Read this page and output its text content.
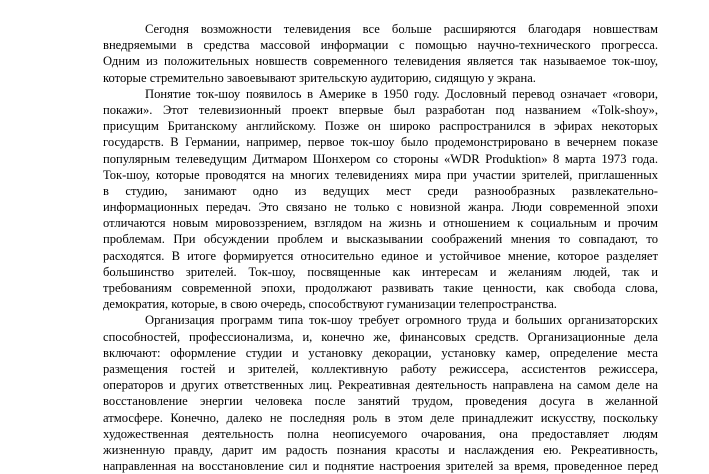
Сегодня возможности телевидения все больше расширяются благодаря новшествам
внедряемыми в средства массовой информации с помощью научно-технического прогресса.
Одним из положительных новшеств современного телевидения является так называемое ток-шоу,
которые стремительно завоевывают зрительскую аудиторию, сидящую у экрана.
Понятие ток-шоу появилось в Америке в 1950 году. Дословный перевод означает «говори,
покажи». Этот телевизионный проект впервые был разработан под названием «Tolk-shoy»,
присущим Британскому английскому. Позже он широко распространился в эфирах некоторых
государств. В Германии, например, первое ток-шоу было продемонстрировано в вечернем показе
популярным телеведущим Дитмаром Шонхером со стороны «WDR Produktion» 8 марта 1973 года.
Ток-шоу, которые проводятся на многих телевидениях мира при участии зрителей, приглашенных
в студию, занимают одно из ведущих мест среди разнообразных развлекательно-
информационных передач. Это связано не только с новизной жанра. Люди современной эпохи
отличаются новым мировоззрением, взглядом на жизнь и отношением к социальным и прочим
проблемам. При обсуждении проблем и высказывании соображений мнения то совпадают, то
расходятся. В итоге формируется относительно единое и устойчивое мнение, которое разделяет
большинство зрителей. Ток-шоу, посвященные как интересам и желаниям людей, так и
требованиям современной эпохи, продолжают развивать такие ценности, как свобода слова,
демократия, которые, в свою очередь, способствуют гуманизации телепространства.
Организация программ типа ток-шоу требует огромного труда и больших организаторских
способностей, профессионализма, и, конечно же, финансовых средств. Организационные дела
включают: оформление студии и установку декорации, установку камер, определение места
размещения гостей и зрителей, коллективную работу режиссера, ассистентов режиссера,
операторов и других ответственных лиц. Рекреативная деятельность направлена на самом деле на
восстановление энергии человека после занятий трудом, проведения досуга в желанной
атмосфере. Конечно, далеко не последняя роль в этом деле принадлежит искусству, поскольку
художественная деятельность полна неописуемого очарования, она предоставляет людям
жизненную правду, дарит им радость познания красоты и наслаждения ею. Рекреативность,
направленная на восстановление сил и поднятие настроения зрителей за время, проведенное перед
